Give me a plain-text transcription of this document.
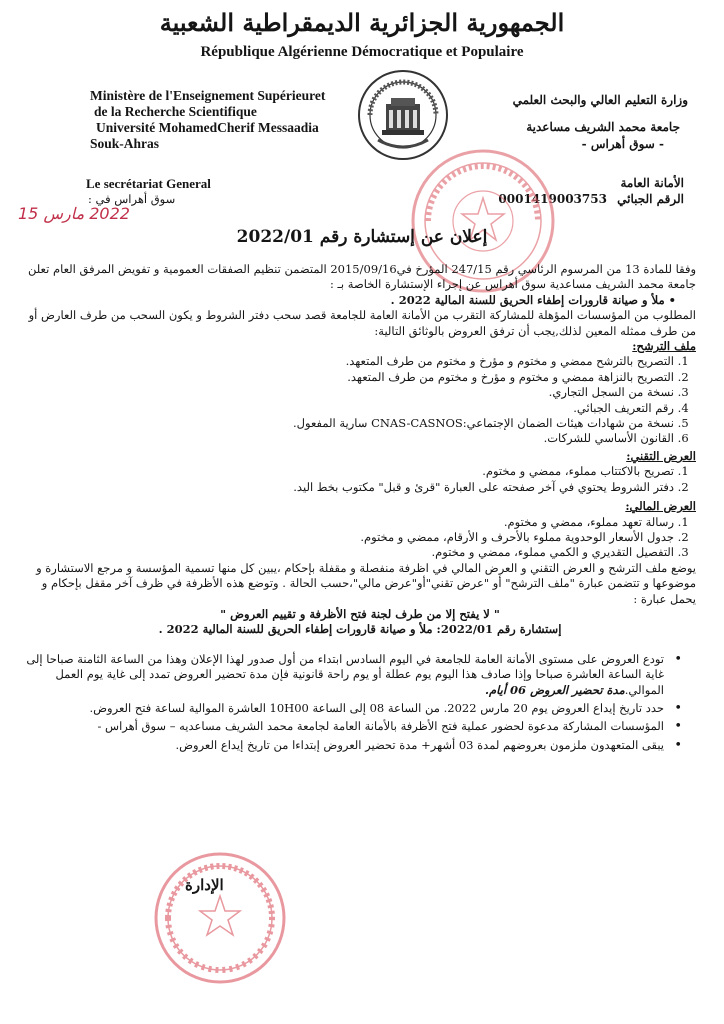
الجمهورية الجزائرية الديمقراطية الشعبية
République Algérienne Démocratique et Populaire
Ministère de l'Enseignement Supérieuret
de la Recherche Scientifique
Université MohamedCherif Messaadia
Souk-Ahras
وزارة التعليم العالي والبحث العلمي
جامعة محمد الشريف مساعدية
- سوق أهراس -
Le secrétariat General
سوق أهراس في :
2022 مارس 15
الأمانة العامة
الرقم الجبائي 0001419003753
إعلان عن إستشارة رقم 2022/01

وفقا للمادة 13 من المرسوم الرئاسي رقم 247/15 المؤرخ في2015/09/16 المتضمن تنظيم الصفقات العمومية و تفويض المرفق العام تعلن جامعة محمد الشريف مساعدية سوق أهراس عن إجراء الإستشارة الخاصة بـ :

• ملأ و صيانة قارورات إطفاء الحريق للسنة المالية 2022 .

المطلوب من المؤسسات المؤهلة للمشاركة التقرب من الأمانة العامة للجامعة قصد سحب دفتر الشروط و يكون السحب من طرف العارض أو من طرف ممثله المعين لذلك,يجب أن ترفق العروض بالوثائق التالية:

ملف الترشح:

1. التصريح بالترشح ممضي و مختوم و مؤرخ و مختوم من طرف المتعهد.
2. التصريح بالنزاهة ممضي و مختوم و مؤرخ و مختوم من طرف المتعهد.
3. نسخة من السجل التجاري.
4. رقم التعريف الجبائي.
5. نسخة من شهادات هيئات الضمان الإجتماعي:CNAS-CASNOS سارية المفعول.
6. القانون الأساسي للشركات.

العرض التقني:

1. تصريح بالاكتتاب مملوء، ممضي و مختوم.
2. دفتر الشروط يحتوي في آخر صفحته على العبارة "قرئ و قبل" مكتوب بخط اليد.

العرض المالي:

1. رسالة تعهد مملوء، ممضي و مختوم.
2. جدول الأسعار الوحدوية مملوء بالأحرف و الأرقام، ممضي و مختوم.
3. التفصيل التقديري و الكمي مملوء، ممضي و مختوم.

يوضع ملف الترشح و العرض التقني و العرض المالي في اظرفة منفصلة و مقفلة بإحكام ،يبين كل منها تسمية المؤسسة و مرجع الاستشارة و موضوعها و تتضمن عبارة "ملف الترشح" أو "عرض تقني"أو"عرض مالي"،حسب الحالة . وتوضع هذه الأظرفة في ظرف آخر مقفل بإحكام و يحمل عبارة :

" لا يفتح إلا من طرف لجنة فتح الأظرفة و تقييم العروض "

إستشارة رقم 2022/01: ملأ و صيانة قارورات إطفاء الحريق للسنة المالية 2022 .

• تودع العروض على مستوى الأمانة العامة للجامعة في اليوم السادس ابتداء من أول صدور لهذا الإعلان وهذا من الساعة الثامنة صباحا إلى غاية الساعة العاشرة صباحا وإذا صادف هذا اليوم يوم عطلة أو يوم راحة قانونية فإن مدة تحضير العروض تمدد إلى غاية يوم العمل الموالي.مدة تحضير العروض 06 أيام.
• حدد تاريخ إيداع العروض يوم 20 مارس 2022. من الساعة 08 إلى الساعة 10H00 العاشرة الموالية لساعة فتح العروض.
• المؤسسات المشاركة مدعوة لحضور عملية فتح الأظرفة بالأمانة العامة لجامعة محمد الشريف مساعديه – سوق أهراس -
• يبقى المتعهدون ملزمون بعروضهم لمدة 03 أشهر+ مدة تحضير العروض إبتداءا من تاريخ إيداع العروض.
الإدارة
